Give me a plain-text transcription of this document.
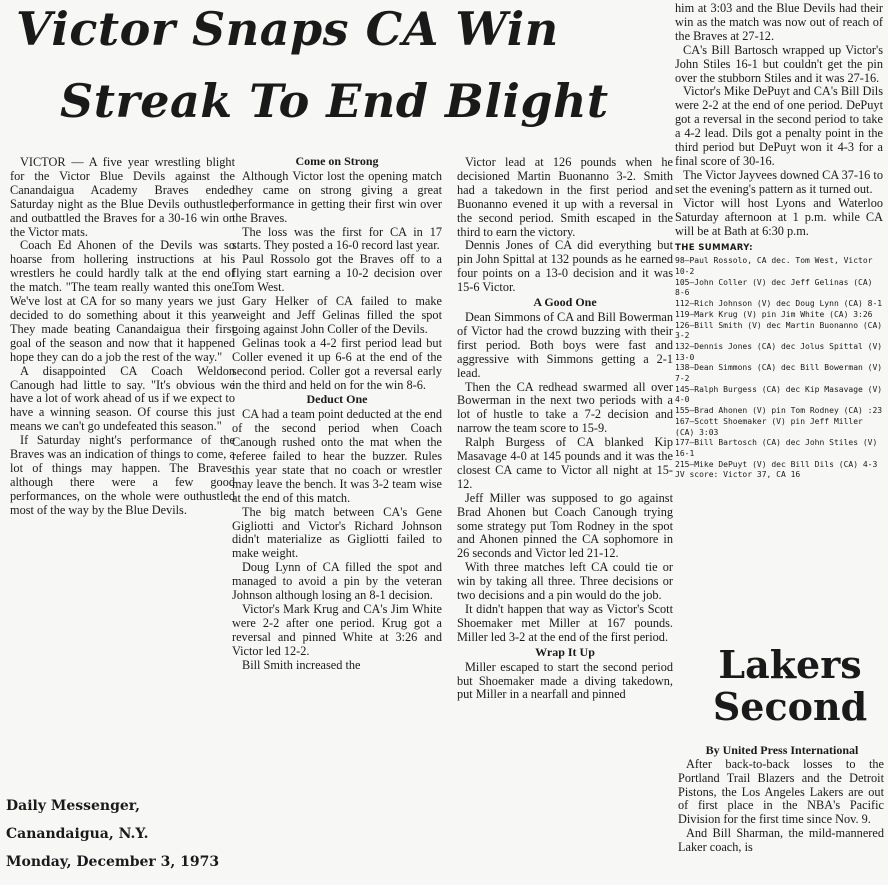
Victor Snaps CA Win
Streak To End Blight

VICTOR — A five year wrestling blight for the Victor Blue Devils against the Canandaigua Academy Braves ended Saturday night as the Blue Devils outhustled and outbattled the Braves for a 30-16 win on the Victor mats.

Coach Ed Ahonen of the Devils was so hoarse from hollering instructions at his wrestlers he could hardly talk at the end of the match. "The team really wanted this one. We've lost at CA for so many years we just decided to do something about it this year. They made beating Canandaigua their first goal of the season and now that it happened hope they can do a job the rest of the way."

A disappointed CA Coach Weldon Canough had little to say. "It's obvious we have a lot of work ahead of us if we expect to have a winning season. Of course this just means we can't go undefeated this season."

If Saturday night's performance of the Braves was an indication of things to come, a lot of things may happen. The Braves, although there were a few good performances, on the whole were outhustled most of the way by the Blue Devils.

Come on Strong

Although Victor lost the opening match they came on strong giving a great performance in getting their first win over the Braves.

The loss was the first for CA in 17 starts. They posted a 16-0 record last year.

Paul Rossolo got the Braves off to a flying start earning a 10-2 decision over Tom West.

Gary Helker of CA failed to make weight and Jeff Gelinas filled the spot going against John Coller of the Devils.

Gelinas took a 4-2 first period lead but Coller evened it up 6-6 at the end of the second period. Coller got a reversal early in the third and held on for the win 8-6.

Deduct One

CA had a team point deducted at the end of the second period when Coach Canough rushed onto the mat when the referee failed to hear the buzzer. Rules this year state that no coach or wrestler may leave the bench. It was 3-2 team wise at the end of this match.

The big match between CA's Gene Gigliotti and Victor's Richard Johnson didn't materialize as Gigliotti failed to make weight.

Doug Lynn of CA filled the spot and managed to avoid a pin by the veteran Johnson although losing an 8-1 decision.

Victor's Mark Krug and CA's Jim White were 2-2 after one period. Krug got a reversal and pinned White at 3:26 and Victor led 12-2.

Bill Smith increased the

Victor lead at 126 pounds when he decisioned Martin Buonanno 3-2. Smith had a takedown in the first period and Buonanno evened it up with a reversal in the second period. Smith escaped in the third to earn the victory.

Dennis Jones of CA did everything but pin John Spittal at 132 pounds as he earned four points on a 13-0 decision and it was 15-6 Victor.

A Good One

Dean Simmons of CA and Bill Bowerman of Victor had the crowd buzzing with their first period. Both boys were fast and aggressive with Simmons getting a 2-1 lead.

Then the CA redhead swarmed all over Bowerman in the next two periods with a lot of hustle to take a 7-2 decision and narrow the team score to 15-9.

Ralph Burgess of CA blanked Kip Masavage 4-0 at 145 pounds and it was the closest CA came to Victor all night at 15-12.

Jeff Miller was supposed to go against Brad Ahonen but Coach Canough trying some strategy put Tom Rodney in the spot and Ahonen pinned the CA sophomore in 26 seconds and Victor led 21-12.

With three matches left CA could tie or win by taking all three. Three decisions or two decisions and a pin would do the job.

It didn't happen that way as Victor's Scott Shoemaker met Miller at 167 pounds. Miller led 3-2 at the end of the first period.

Wrap It Up

Miller escaped to start the second period but Shoemaker made a diving takedown, put Miller in a nearfall and pinned

him at 3:03 and the Blue Devils had their win as the match was now out of reach of the Braves at 27-12.

CA's Bill Bartosch wrapped up Victor's John Stiles 16-1 but couldn't get the pin over the stubborn Stiles and it was 27-16.

Victor's Mike DePuyt and CA's Bill Dils were 2-2 at the end of one period. DePuyt got a reversal in the second period to take a 4-2 lead. Dils got a penalty point in the third period but DePuyt won it 4-3 for a final score of 30-16.

The Victor Jayvees downed CA 37-16 to set the evening's pattern as it turned out.

Victor will host Lyons and Waterloo Saturday afternoon at 1 p.m. while CA will be at Bath at 6:30 p.m.

THE SUMMARY:
98—Paul Rossolo, CA dec. Tom West, Victor 10-2
105—John Coller (V) dec Jeff Gelinas (CA) 8-6
112—Rich Johnson (V) dec Doug Lynn (CA) 8-1
119—Mark Krug (V) pin Jim White (CA) 3:26
126—Bill Smith (V) dec Martin Buonanno (CA) 3-2
132—Dennis Jones (CA) dec Jolus Spittal (V) 13-0
138—Dean Simmons (CA) dec Bill Bowerman (V) 7-2
145—Ralph Burgess (CA) dec Kip Masavage (V) 4-0
155—Brad Ahonen (V) pin Tom Rodney (CA) :23
167—Scott Shoemaker (V) pin Jeff Miller (CA) 3:03
177—Bill Bartosch (CA) dec John Stiles (V) 16-1
215—Mike DePuyt (V) dec Bill Dils (CA) 4-3
JV score: Victor 37, CA 16
Daily Messenger,
Canandaigua, N.Y.
Monday, December 3, 1973
Lakers
Second
By United Press International

After back-to-back losses to the Portland Trail Blazers and the Detroit Pistons, the Los Angeles Lakers are out of first place in the NBA's Pacific Division for the first time since Nov. 9.

And Bill Sharman, the mild-mannered Laker coach, is
